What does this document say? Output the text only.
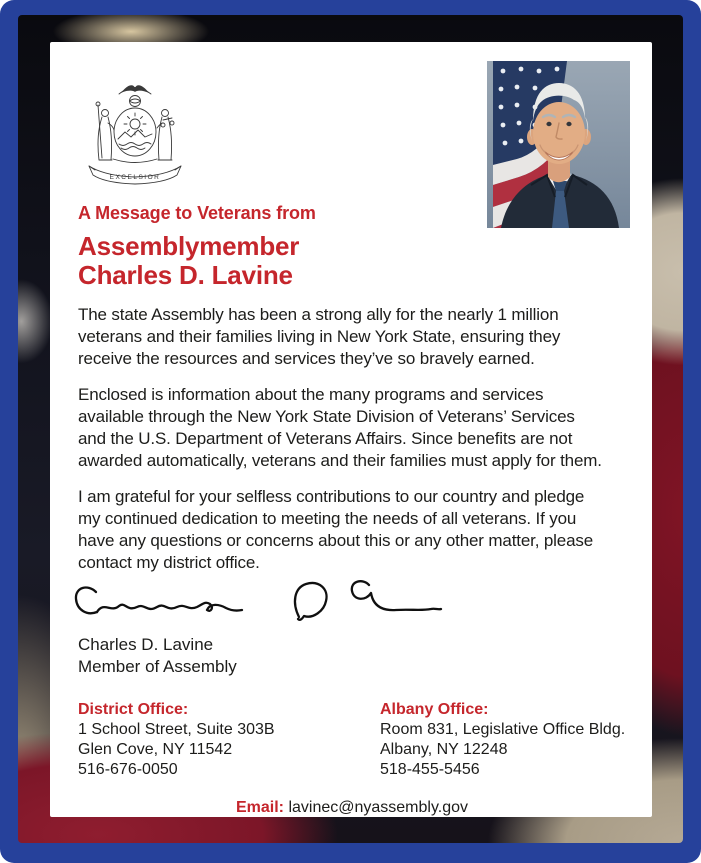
EXCELSIOR
A Message to Veterans from
Assemblymember
Charles D. Lavine
The state Assembly has been a strong ally for the nearly 1 million
veterans and their families living in New York State, ensuring they
receive the resources and services they’ve so bravely earned.
Enclosed is information about the many programs and services
available through the New York State Division of Veterans’ Services
and the U.S. Department of Veterans Affairs. Since benefits are not
awarded automatically, veterans and their families must apply for them.
I am grateful for your selfless contributions to our country and pledge
my continued dedication to meeting the needs of all veterans. If you
have any questions or concerns about this or any other matter, please
contact my district office.
Charles D. Lavine
Member of Assembly
District Office:
1 School Street, Suite 303B
Glen Cove, NY 11542
516-676-0050
Albany Office:
Room 831, Legislative Office Bldg.
Albany, NY 12248
518-455-5456
Email: lavinec@nyassembly.gov
